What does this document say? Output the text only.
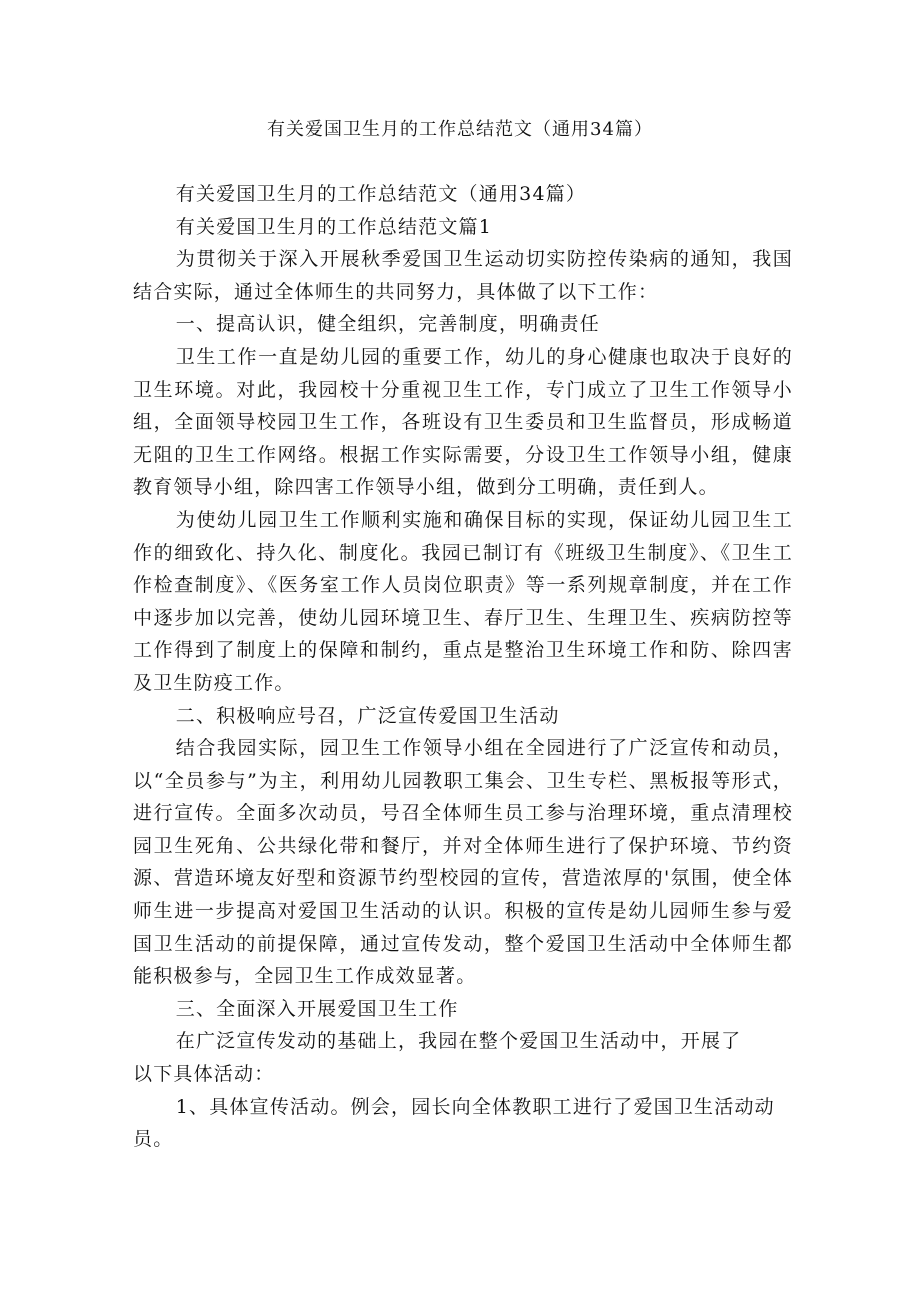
有关爱国卫生月的工作总结范文（通用34篇）

有关爱国卫生月的工作总结范文（通用34篇）

有关爱国卫生月的工作总结范文篇1

为贯彻关于深入开展秋季爱国卫生运动切实防控传染病的通知，我国结合实际，通过全体师生的共同努力，具体做了以下工作：

一、提高认识，健全组织，完善制度，明确责任

卫生工作一直是幼儿园的重要工作，幼儿的身心健康也取决于良好的卫生环境。对此，我园校十分重视卫生工作，专门成立了卫生工作领导小组，全面领导校园卫生工作，各班设有卫生委员和卫生监督员，形成畅道无阻的卫生工作网络。根据工作实际需要，分设卫生工作领导小组，健康教育领导小组，除四害工作领导小组，做到分工明确，责任到人。

为使幼儿园卫生工作顺利实施和确保目标的实现，保证幼儿园卫生工作的细致化、持久化、制度化。我园已制订有《班级卫生制度》、《卫生工作检查制度》、《医务室工作人员岗位职责》等一系列规章制度，并在工作中逐步加以完善，使幼儿园环境卫生、春厅卫生、生理卫生、疾病防控等工作得到了制度上的保障和制约，重点是整治卫生环境工作和防、除四害及卫生防疫工作。

二、积极响应号召，广泛宣传爱国卫生活动

结合我园实际，园卫生工作领导小组在全园进行了广泛宣传和动员，以“全员参与”为主，利用幼儿园教职工集会、卫生专栏、黑板报等形式，进行宣传。全面多次动员，号召全体师生员工参与治理环境，重点清理校园卫生死角、公共绿化带和餐厅，并对全体师生进行了保护环境、节约资源、营造环境友好型和资源节约型校园的宣传，营造浓厚的'氛围，使全体师生进一步提高对爱国卫生活动的认识。积极的宣传是幼儿园师生参与爱国卫生活动的前提保障，通过宣传发动，整个爱国卫生活动中全体师生都能积极参与，全园卫生工作成效显著。

三、全面深入开展爱国卫生工作

在广泛宣传发动的基础上，我园在整个爱国卫生活动中，开展了

以下具体活动：

1、具体宣传活动。例会，园长向全体教职工进行了爱国卫生活动动员。
